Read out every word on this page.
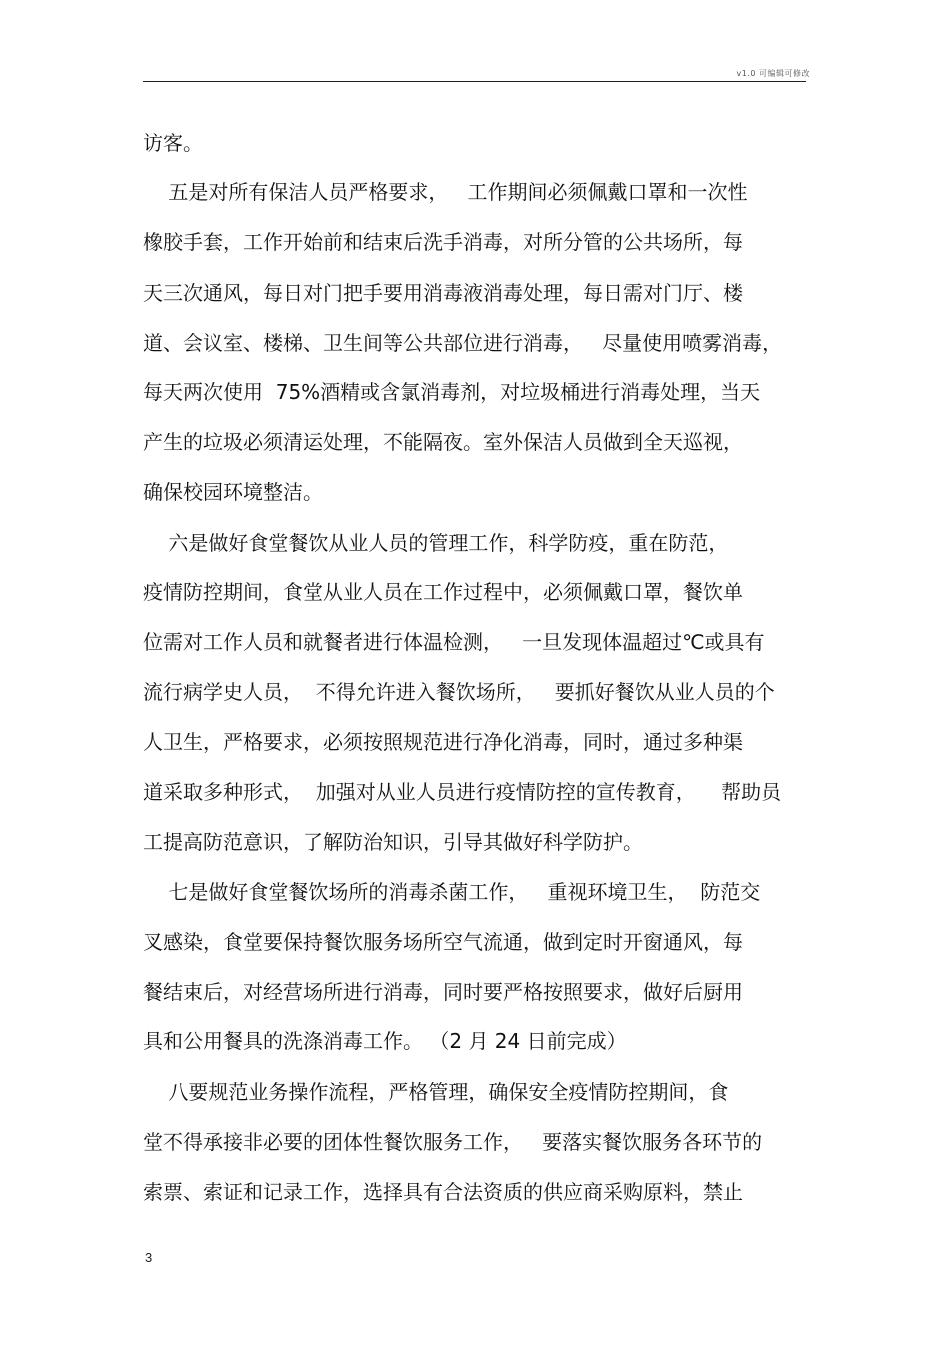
v1.0 可编辑可修改
访客。
五是对所有保洁人员严格要求，   工作期间必须佩戴口罩和一次性
橡胶手套，工作开始前和结束后洗手消毒，对所分管的公共场所，每
天三次通风，每日对门把手要用消毒液消毒处理，每日需对门厅、楼
道、会议室、楼梯、卫生间等公共部位进行消毒，   尽量使用喷雾消毒，
每天两次使用  75%酒精或含氯消毒剂，对垃圾桶进行消毒处理，当天
产生的垃圾必须清运处理，不能隔夜。室外保洁人员做到全天巡视，
确保校园环境整洁。
六是做好食堂餐饮从业人员的管理工作，科学防疫，重在防范，
疫情防控期间，食堂从业人员在工作过程中，必须佩戴口罩，餐饮单
位需对工作人员和就餐者进行体温检测，   一旦发现体温超过℃或具有
流行病学史人员，  不得允许进入餐饮场所，   要抓好餐饮从业人员的个
人卫生，严格要求，必须按照规范进行净化消毒，同时，通过多种渠
道采取多种形式，  加强对从业人员进行疫情防控的宣传教育，    帮助员
工提高防范意识，了解防治知识，引导其做好科学防护。
七是做好食堂餐饮场所的消毒杀菌工作，   重视环境卫生，  防范交
叉感染，食堂要保持餐饮服务场所空气流通，做到定时开窗通风，每
餐结束后，对经营场所进行消毒，同时要严格按照要求，做好后厨用
具和公用餐具的洗涤消毒工作。 （2 月 24 日前完成）
八要规范业务操作流程，严格管理，确保安全疫情防控期间，食
堂不得承接非必要的团体性餐饮服务工作，   要落实餐饮服务各环节的
索票、索证和记录工作，选择具有合法资质的供应商采购原料，禁止
3
